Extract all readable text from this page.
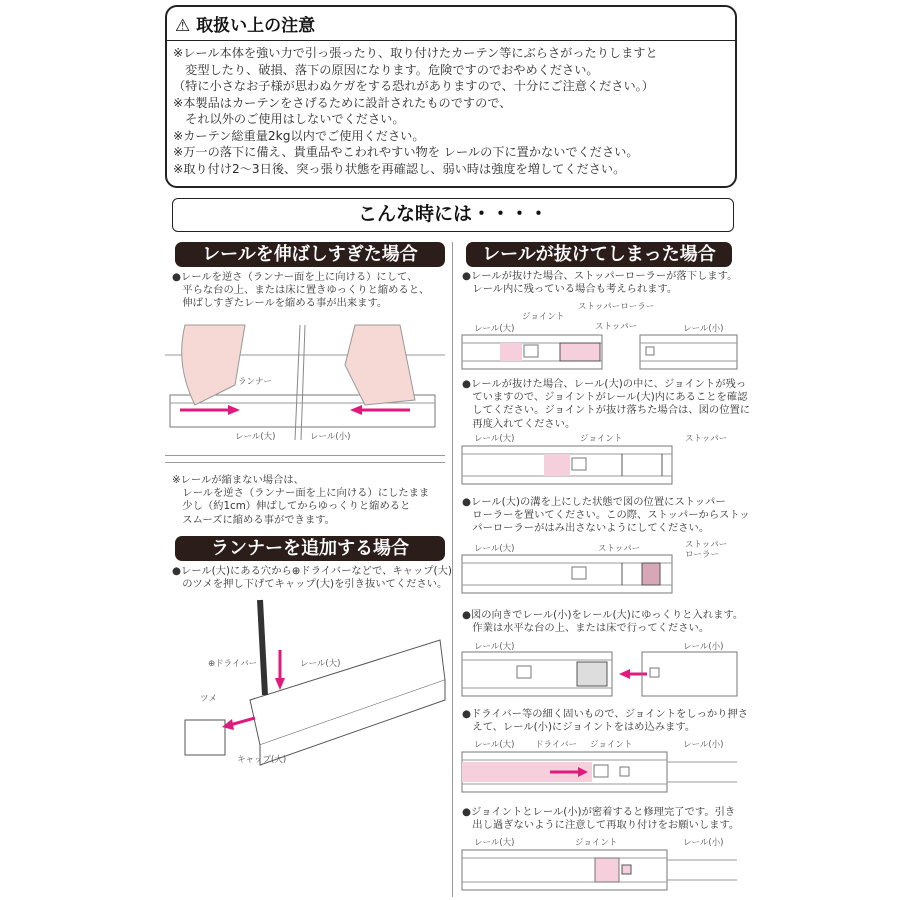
⚠ 取扱い上の注意
※レール本体を強い力で引っ張ったり、取り付けたカーテン等にぶらさがったりしますと
　変型したり、破損、落下の原因になります。危険ですのでおやめください。
（特に小さなお子様が思わぬケガをする恐れがありますので、十分にご注意ください。）
※本製品はカーテンをさげるために設計されたものですので、
　それ以外のご使用はしないでください。
※カーテン総重量2kg以内でご使用ください。
※万一の落下に備え、貴重品やこわれやすい物を レールの下に置かないでください。
※取り付け2〜3日後、突っ張り状態を再確認し、弱い時は強度を増してください。
こんな時には・・・・
レールを伸ばしすぎた場合
●レールを逆さ（ランナー面を上に向ける）にして、
　平らな台の上、または床に置きゆっくりと縮めると、
　伸ばしすぎたレールを縮める事が出来ます。
ランナー
レール(大)	レール(小)
※レールが縮まない場合は、
　レールを逆さ（ランナー面を上に向ける）にしたまま
　少し（約1cm）伸ばしてからゆっくりと縮めると
　スムーズに縮める事ができます。
ランナーを追加する場合
●レール(大)にある穴から⊕ドライバーなどで、キャップ(大)
　のツメを押し下げてキャップ(大)を引き抜いてください。
⊕ドライバー	レール(大)
ツメ
キャップ(大)
レールが抜けてしまった場合
●レールが抜けた場合、ストッパーローラーが落下します。
　レール内に残っている場合も考えられます。
ストッパーローラー
ジョイント
レール(大)	ストッパー	レール(小)
●レールが抜けた場合、レール(大)の中に、ジョイントが残っ
　ていますので、ジョイントがレール(大)内にあることを確認
　してください。ジョイントが抜け落ちた場合は、図の位置に
　再度入れてください。
レール(大)	ジョイント	ストッパー
●レール(大)の溝を上にした状態で図の位置にストッパー
　ローラーを置いてください。この際、ストッパーからストッ
　パーローラーがはみ出さないようにしてください。
レール(大)	ストッパー	ストッパー
ローラー
●図の向きでレール(小)をレール(大)にゆっくりと入れます。
　作業は水平な台の上、または床で行ってください。
レール(大)	レール(小)
●ドライバー等の細く固いもので、ジョイントをしっかり押さ
　えて、レール(小)にジョイントをはめ込みます。
レール(大) ドライバー ジョイント	レール(小)
●ジョイントとレール(小)が密着すると修理完了です。引き
　出し過ぎないように注意して再取り付けをお願いします。
レール(大)	ジョイント	レール(小)
